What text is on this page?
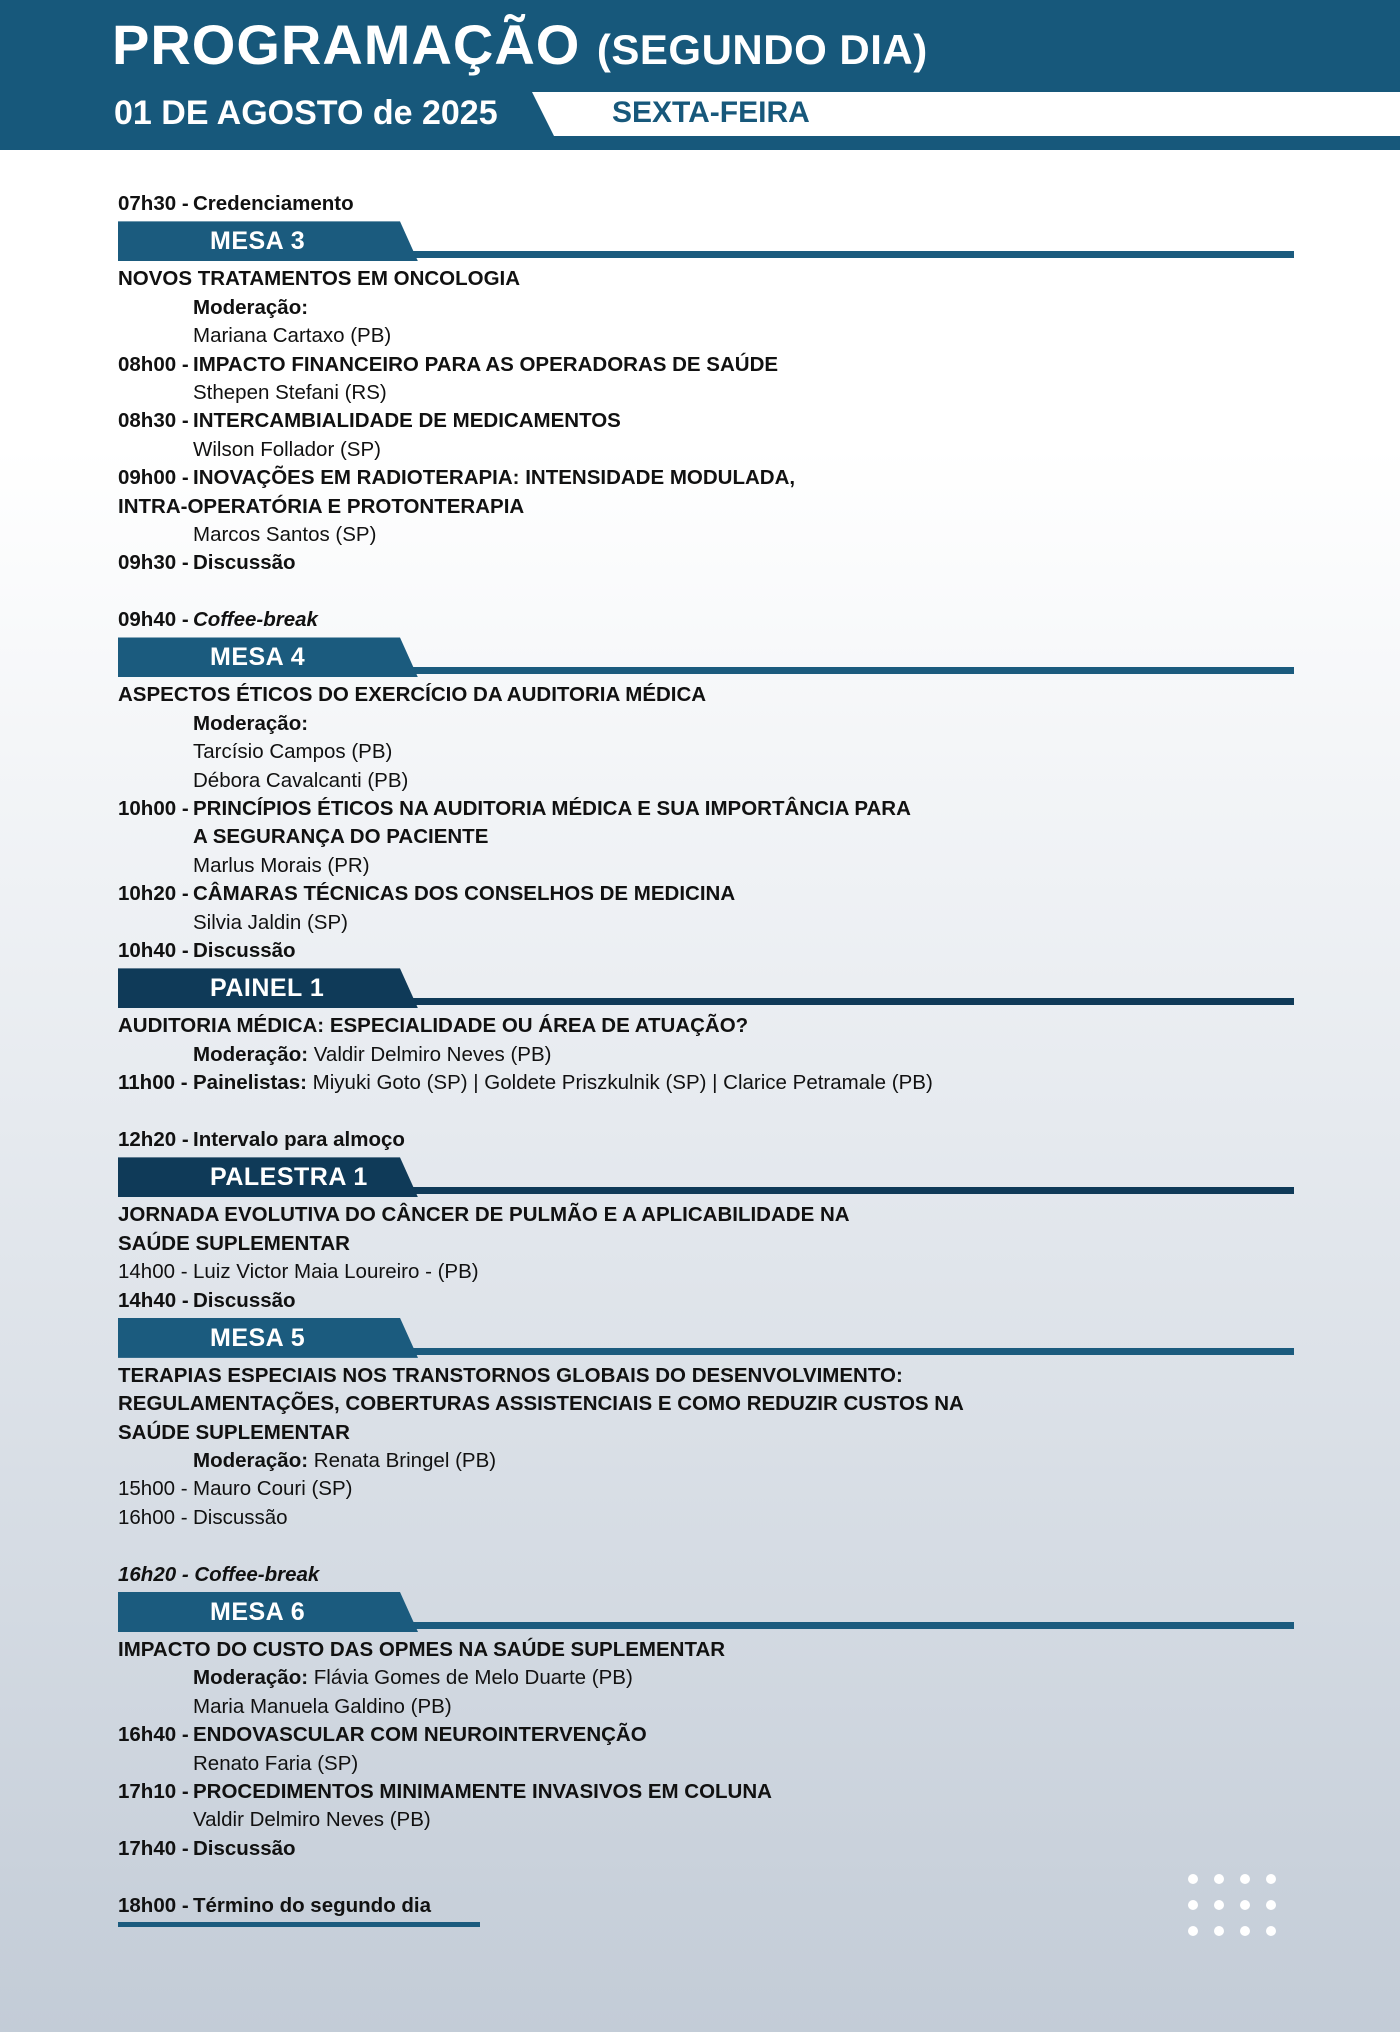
PROGRAMAÇÃO (SEGUNDO DIA)
01 DE AGOSTO de 2025	SEXTA-FEIRA
07h30 - Credenciamento
MESA 3
NOVOS TRATAMENTOS EM ONCOLOGIA
Moderação:
Mariana Cartaxo (PB)
08h00 - IMPACTO FINANCEIRO PARA AS OPERADORAS DE SAÚDE
Sthepen Stefani (RS)
08h30 - INTERCAMBIALIDADE DE MEDICAMENTOS
Wilson Follador (SP)
09h00 - INOVAÇÕES EM RADIOTERAPIA: INTENSIDADE MODULADA,
INTRA-OPERATÓRIA E PROTONTERAPIA
Marcos Santos (SP)
09h30 - Discussão
09h40 - Coffee-break
MESA 4
ASPECTOS ÉTICOS DO EXERCÍCIO DA AUDITORIA MÉDICA
Moderação:
Tarcísio Campos (PB)
Débora Cavalcanti (PB)
10h00 - PRINCÍPIOS ÉTICOS NA AUDITORIA MÉDICA E SUA IMPORTÂNCIA PARA
A SEGURANÇA DO PACIENTE
Marlus Morais (PR)
10h20 - CÂMARAS TÉCNICAS DOS CONSELHOS DE MEDICINA
Silvia Jaldin (SP)
10h40 - Discussão
PAINEL 1
AUDITORIA MÉDICA: ESPECIALIDADE OU ÁREA DE ATUAÇÃO?
Moderação: Valdir Delmiro Neves (PB)
11h00 - Painelistas: Miyuki Goto (SP) | Goldete Priszkulnik (SP) | Clarice Petramale (PB)
12h20 - Intervalo para almoço
PALESTRA 1
JORNADA EVOLUTIVA DO CÂNCER DE PULMÃO E A APLICABILIDADE NA
SAÚDE SUPLEMENTAR
14h00 - Luiz Victor Maia Loureiro - (PB)
14h40 - Discussão
MESA 5
TERAPIAS ESPECIAIS NOS TRANSTORNOS GLOBAIS DO DESENVOLVIMENTO:
REGULAMENTAÇÕES, COBERTURAS ASSISTENCIAIS E COMO REDUZIR CUSTOS NA
SAÚDE SUPLEMENTAR
Moderação: Renata Bringel (PB)
15h00 - Mauro Couri (SP)
16h00 - Discussão
16h20 - Coffee-break
MESA 6
IMPACTO DO CUSTO DAS OPMES NA SAÚDE SUPLEMENTAR
Moderação: Flávia Gomes de Melo Duarte (PB)
Maria Manuela Galdino (PB)
16h40 - ENDOVASCULAR COM NEUROINTERVENÇÃO
Renato Faria (SP)
17h10 - PROCEDIMENTOS MINIMAMENTE INVASIVOS EM COLUNA
Valdir Delmiro Neves (PB)
17h40 - Discussão
18h00 - Término do segundo dia
